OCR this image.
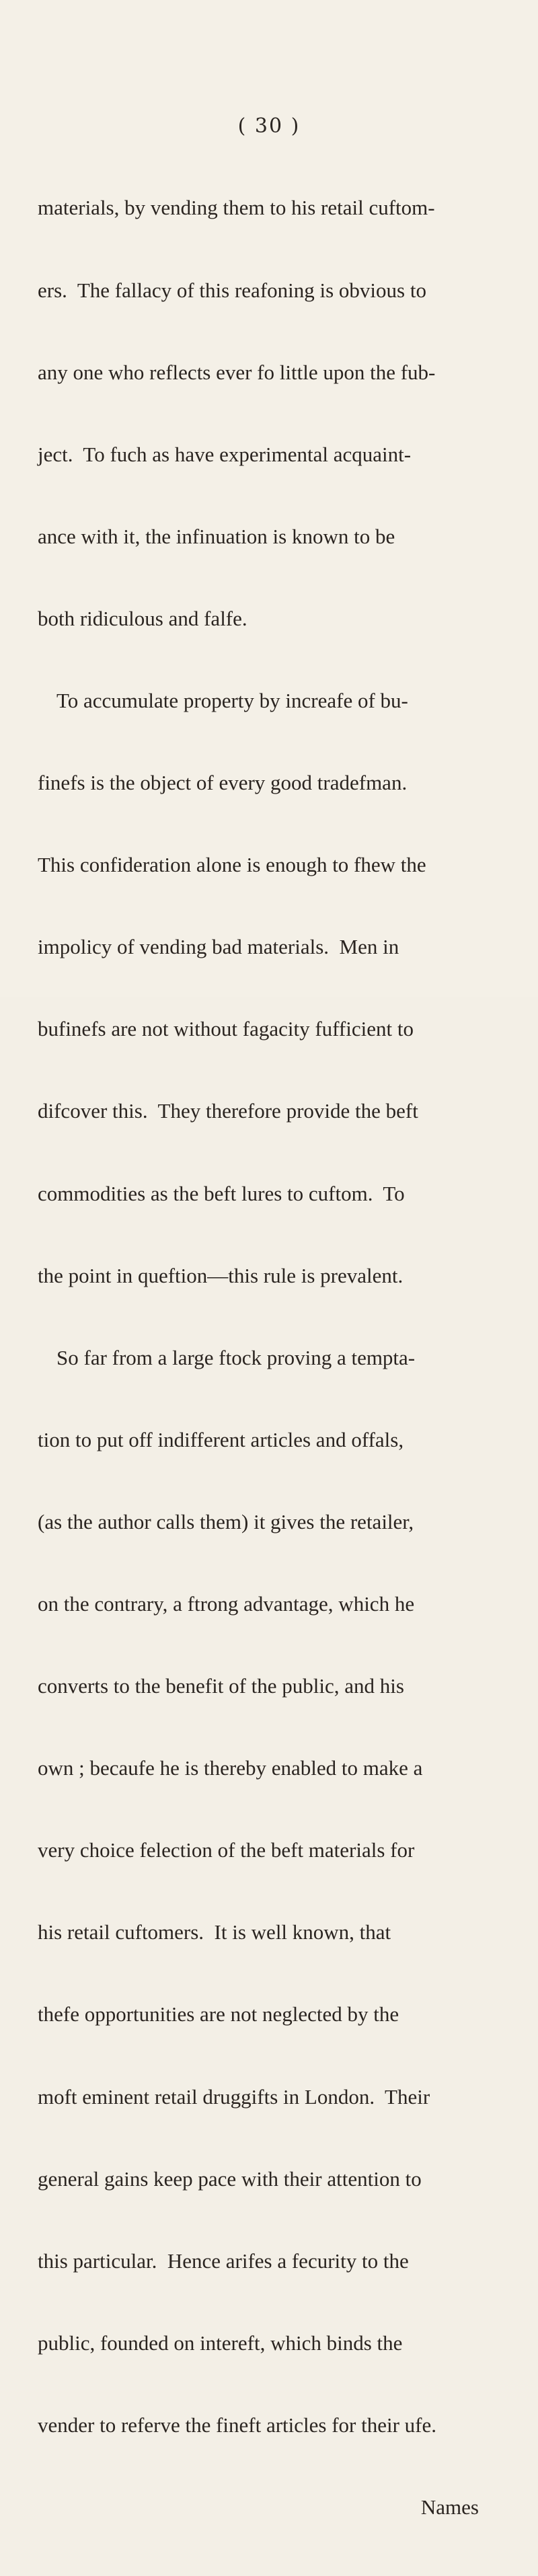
( 30 )

materials, by vending them to his retail cuftom-

ers.  The fallacy of this reafoning is obvious to

any one who reflects ever fo little upon the fub-

ject.  To fuch as have experimental acquaint-

ance with it, the infinuation is known to be

both ridiculous and falfe.

To accumulate property by increafe of bu-

finefs is the object of every good tradefman.

This confideration alone is enough to fhew the

impolicy of vending bad materials.  Men in

bufinefs are not without fagacity fufficient to

difcover this.  They therefore provide the beft

commodities as the beft lures to cuftom.  To

the point in queftion—this rule is prevalent.

So far from a large ftock proving a tempta-

tion to put off indifferent articles and offals,

(as the author calls them) it gives the retailer,

on the contrary, a ftrong advantage, which he

converts to the benefit of the public, and his

own ; becaufe he is thereby enabled to make a

very choice felection of the beft materials for

his retail cuftomers.  It is well known, that

thefe opportunities are not neglected by the

moft eminent retail druggifts in London.  Their

general gains keep pace with their attention to

this particular.  Hence arifes a fecurity to the

public, founded on intereft, which binds the

vender to referve the fineft articles for their ufe.

Names
